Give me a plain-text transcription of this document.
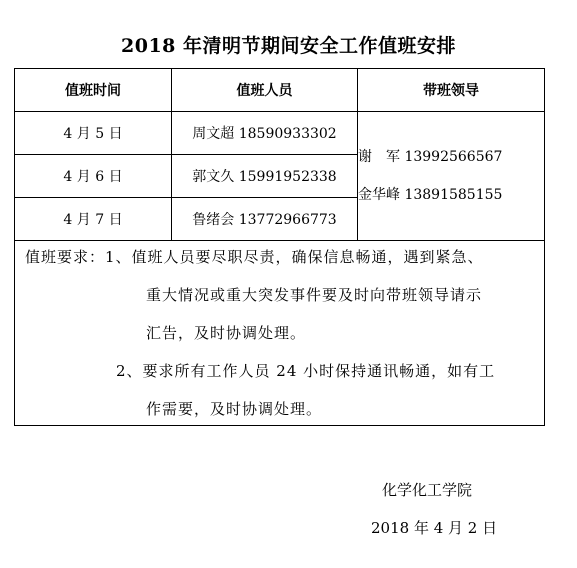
2018 年清明节期间安全工作值班安排
值班时间	值班人员	带班领导
4 月 5 日	周文超 18590933302	谢　军 13992566567
金华峰 13891585155

4 月 6 日	郭文久 15991952338	
4 月 7 日	鲁绪会 13772966773	

值班要求：1、值班人员要尽职尽责，确保信息畅通，遇到紧急、
重大情况或重大突发事件要及时向带班领导请示
汇告，及时协调处理。
2、要求所有工作人员 24 小时保持通讯畅通，如有工
作需要，及时协调处理。		
化学化工学院
2018 年 4 月 2 日
